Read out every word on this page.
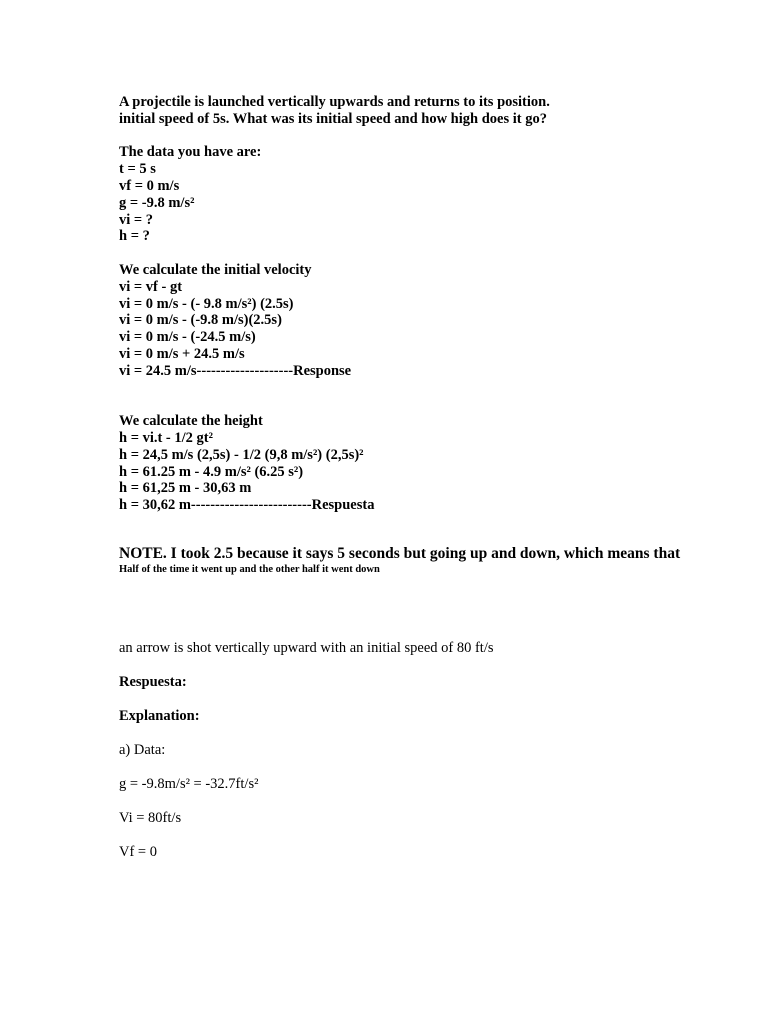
A projectile is launched vertically upwards and returns to its position.
initial speed of 5s. What was its initial speed and how high does it go?
The data you have are:
t = 5 s
vf = 0 m/s
g = -9.8 m/s²
vi = ?
h = ?
We calculate the initial velocity
vi = vf - gt
vi = 0 m/s - (- 9.8 m/s²) (2.5s)
vi = 0 m/s - (-9.8 m/s)(2.5s)
vi = 0 m/s - (-24.5 m/s)
vi = 0 m/s + 24.5 m/s
vi = 24.5 m/s--------------------Response
We calculate the height
h = vi.t - 1/2 gt²
h = 24,5 m/s (2,5s) - 1/2 (9,8 m/s²) (2,5s)²
h = 61.25 m - 4.9 m/s² (6.25 s²)
h = 61,25 m - 30,63 m
h = 30,62 m-------------------------Respuesta
NOTE. I took 2.5 because it says 5 seconds but going up and down, which means that
Half of the time it went up and the other half it went down
an arrow is shot vertically upward with an initial speed of 80 ft/s
Respuesta:
Explanation:
a) Data:
g = -9.8m/s² = -32.7ft/s²
Vi = 80ft/s
Vf = 0
